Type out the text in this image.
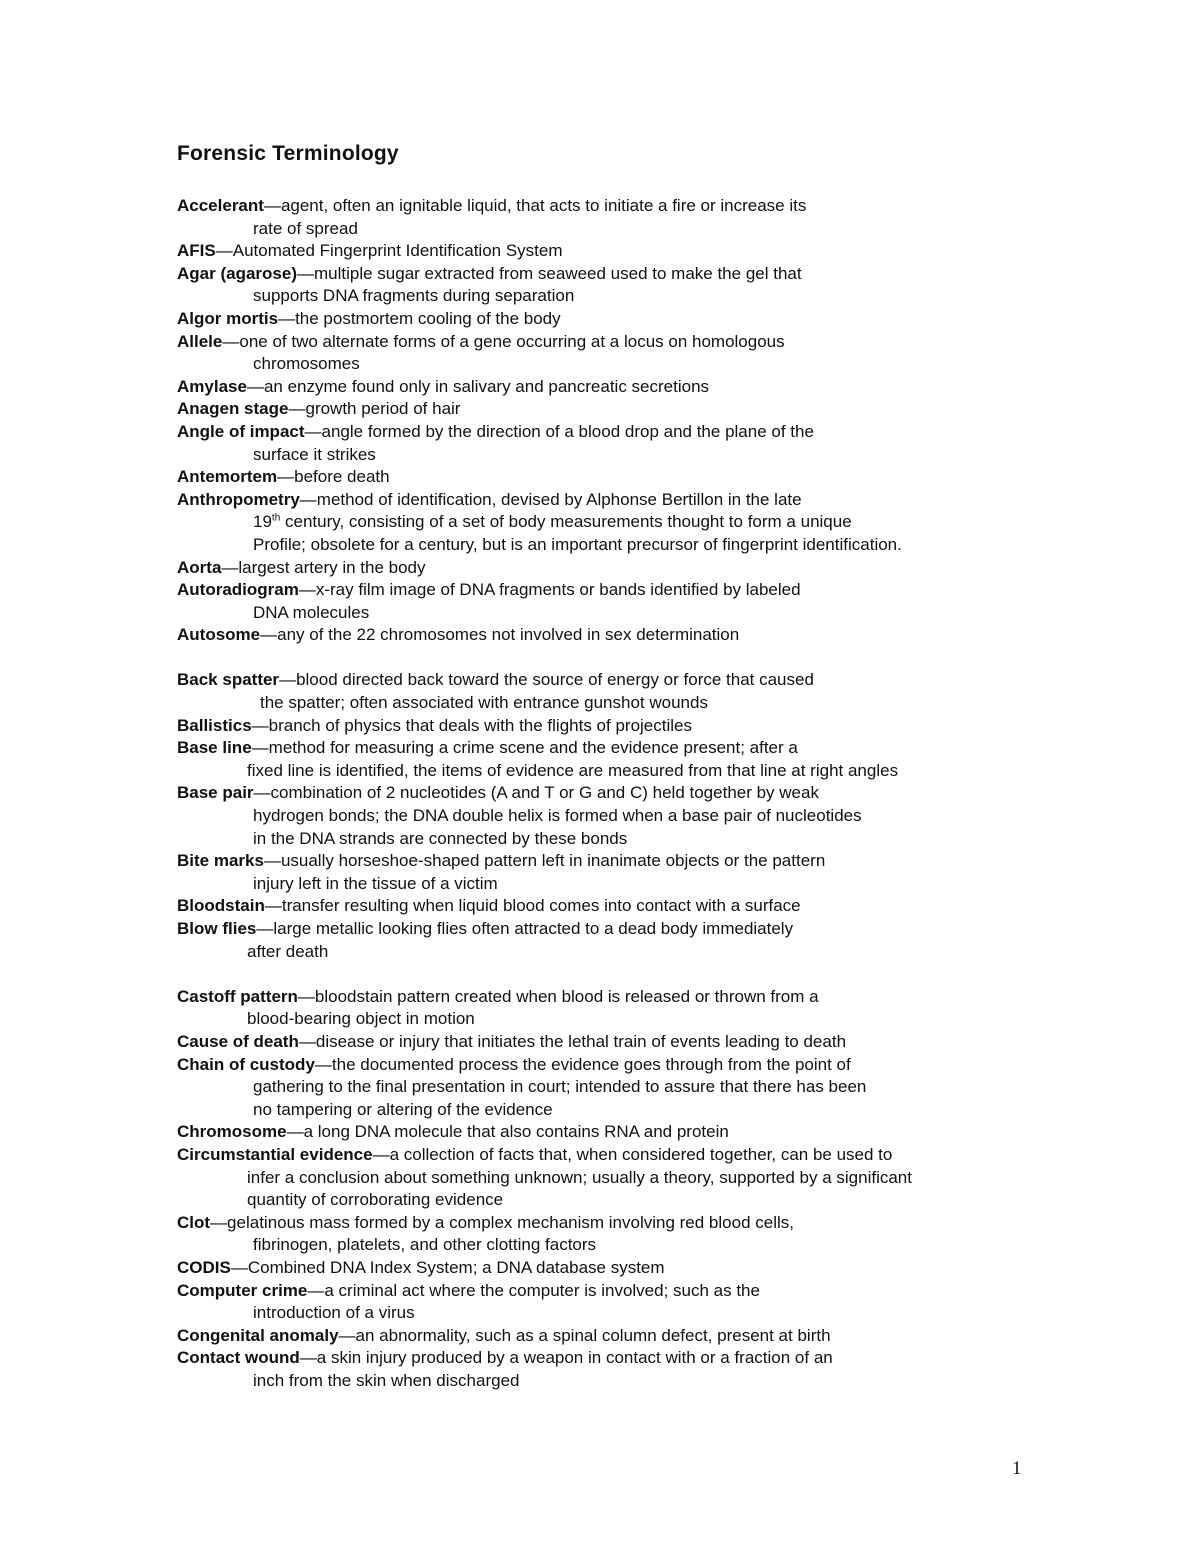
Forensic Terminology
Accelerant—agent, often an ignitable liquid, that acts to initiate a fire or increase its
rate of spread
AFIS—Automated Fingerprint Identification System
Agar (agarose)—multiple sugar extracted from seaweed used to make the gel that
supports DNA fragments during separation
Algor mortis—the postmortem cooling of the body
Allele—one of two alternate forms of a gene occurring at a locus on homologous
chromosomes
Amylase—an enzyme found only in salivary and pancreatic secretions
Anagen stage—growth period of hair
Angle of impact—angle formed by the direction of a blood drop and the plane of the
surface it strikes
Antemortem—before death
Anthropometry—method of identification, devised by Alphonse Bertillon in the late
19th century, consisting of a set of body measurements thought to form a unique
Profile; obsolete for a century, but is an important precursor of fingerprint identification.
Aorta—largest artery in the body
Autoradiogram—x-ray film image of DNA fragments or bands identified by labeled
DNA molecules
Autosome—any of the 22 chromosomes not involved in sex determination
Back spatter—blood directed back toward the source of energy or force that caused
the spatter; often associated with entrance gunshot wounds
Ballistics—branch of physics that deals with the flights of projectiles
Base line—method for measuring a crime scene and the evidence present; after a
fixed line is identified, the items of evidence are measured from that line at right angles
Base pair—combination of 2 nucleotides (A and T or G and C) held together by weak
hydrogen bonds; the DNA double helix is formed when a base pair of nucleotides
in the DNA strands are connected by these bonds
Bite marks—usually horseshoe-shaped pattern left in inanimate objects or the pattern
injury left in the tissue of a victim
Bloodstain—transfer resulting when liquid blood comes into contact with a surface
Blow flies—large metallic looking flies often attracted to a dead body immediately
after death
Castoff pattern—bloodstain pattern created when blood is released or thrown from a
blood-bearing object in motion
Cause of death—disease or injury that initiates the lethal train of events leading to death
Chain of custody—the documented process the evidence goes through from the point of
gathering to the final presentation in court; intended to assure that there has been
no tampering or altering of the evidence
Chromosome—a long DNA molecule that also contains RNA and protein
Circumstantial evidence—a collection of facts that, when considered together, can be used to
infer a conclusion about something unknown; usually a theory, supported by a significant
quantity of corroborating evidence
Clot—gelatinous mass formed by a complex mechanism involving red blood cells,
fibrinogen, platelets, and other clotting factors
CODIS—Combined DNA Index System; a DNA database system
Computer crime—a criminal act where the computer is involved; such as the
introduction of a virus
Congenital anomaly—an abnormality, such as a spinal column defect, present at birth
Contact wound—a skin injury produced by a weapon in contact with or a fraction of an
inch from the skin when discharged
1
